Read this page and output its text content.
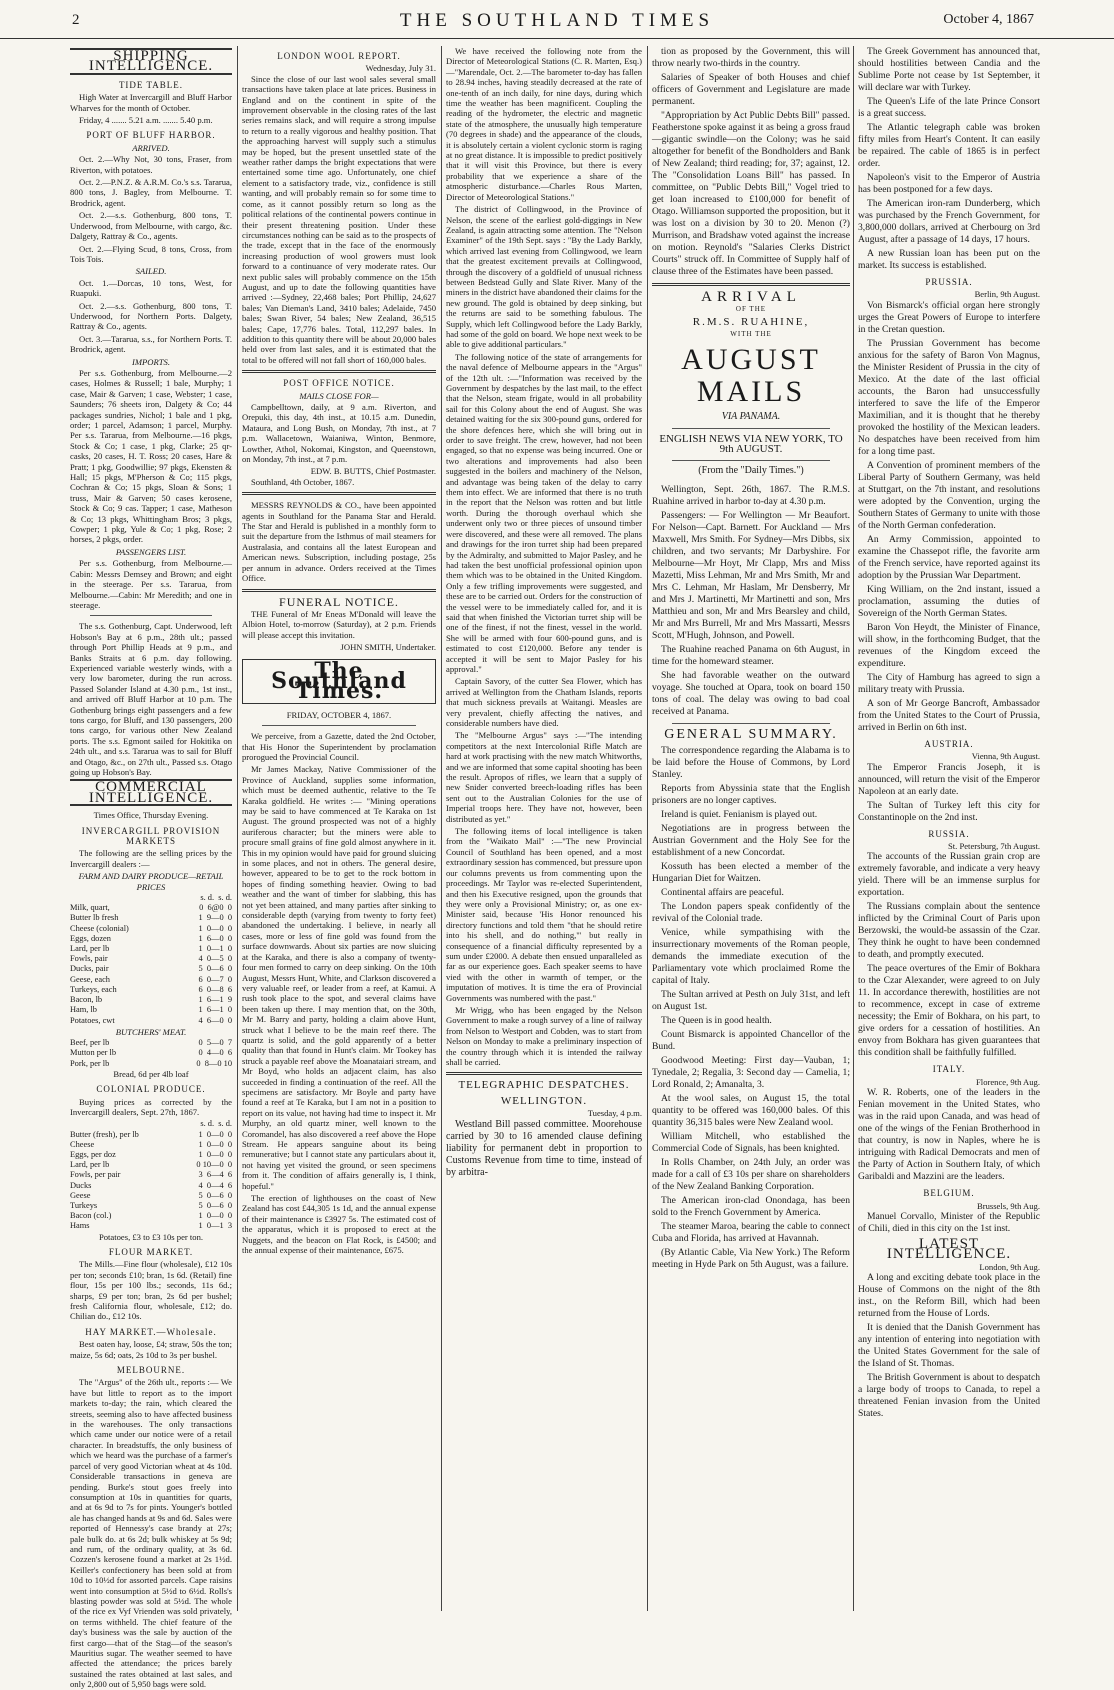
2	THE SOUTHLAND TIMES	October 4, 1867
SHIPPING INTELLIGENCE.
TIDE TABLE.

High Water at Invercargill and Bluff Harbor Wharves for the month of October.

Friday, 4 ....... 5.21 a.m. ....... 5.40 p.m.

PORT OF BLUFF HARBOR.
ARRIVED.

Oct. 2.—Why Not, 30 tons, Fraser, from Riverton, with potatoes.

Oct. 2.—P.N.Z. & A.R.M. Co.'s s.s. Tararua, 800 tons, J. Bagley, from Melbourne. T. Brodrick, agent.

Oct. 2.—s.s. Gothenburg, 800 tons, T. Underwood, from Melbourne, with cargo, &c. Dalgety, Rattray & Co., agents.

Oct. 2.—Flying Scud, 8 tons, Cross, from Tois Tois.

SAILED.

Oct. 1.—Dorcas, 10 tons, West, for Ruapuki.

Oct. 2.—s.s. Gothenburg, 800 tons, T. Underwood, for Northern Ports. Dalgety, Rattray & Co., agents.

Oct. 3.—Tararua, s.s., for Northern Ports. T. Brodrick, agent.

IMPORTS.

Per s.s. Gothenburg, from Melbourne.—2 cases, Holmes & Russell; 1 bale, Murphy; 1 case, Mair & Garven; 1 case, Webster; 1 case, Saunders; 76 sheets iron, Dalgety & Co; 44 packages sundries, Nichol; 1 bale and 1 pkg, order; 1 parcel, Adamson; 1 parcel, Murphy. Per s.s. Tararua, from Melbourne.—16 pkgs, Stock & Co; 1 case, 1 pkg, Clarke; 25 qr-casks, 20 cases, H. T. Ross; 20 cases, Hare & Pratt; 1 pkg, Goodwillie; 97 pkgs, Ekensten & Hall; 15 pkgs, M'Pherson & Co; 115 pkgs, Cochran & Co; 15 pkgs, Sloan & Sons; 1 truss, Mair & Garven; 50 cases kerosene, Stock & Co; 9 cas. Tapper; 1 case, Matheson & Co; 13 pkgs, Whittingham Bros; 3 pkgs, Cowper; 1 pkg, Yule & Co; 1 pkg, Rose; 2 horses, 2 pkgs, order.

PASSENGERS LIST.

Per s.s. Gothenburg, from Melbourne.—Cabin: Messrs Demsey and Brown; and eight in the steerage. Per s.s. Tararua, from Melbourne.—Cabin: Mr Meredith; and one in steerage.

The s.s. Gothenburg, Capt. Underwood, left Hobson's Bay at 6 p.m., 28th ult.; passed through Port Phillip Heads at 9 p.m., and Banks Straits at 6 p.m. day following. Experienced variable westerly winds, with a very low barometer, during the run across. Passed Solander Island at 4.30 p.m., 1st inst., and arrived off Bluff Harbor at 10 p.m. The Gothenburg brings eight passengers and a few tons cargo, for Bluff, and 130 passengers, 200 tons cargo, for various other New Zealand ports. The s.s. Egmont sailed for Hokitika on 24th ult., and s.s. Tararua was to sail for Bluff and Otago, &c., on 27th ult., Passed s.s. Otago going up Hobson's Bay.

COMMERCIAL INTELLIGENCE.
Times Office, Thursday Evening.
INVERCARGILL PROVISION MARKETS

The following are the selling prices by the Invercargill dealers :—

FARM AND DAIRY PRODUCE—RETAIL PRICES
	s. d.  s. d.
Milk, quart,	0  6@0  0
Butter lb fresh	1  9—0  0
Cheese (colonial)	1  0—0  0
Eggs, dozen	1  6—0  0
Lard, per lb	1  0—1  0
Fowls, pair	4  0—5  0
Ducks, pair	5  0—6  0
Geese, each	6  0—7  0
Turkeys, each	6  0—8  6
Bacon, lb	1  6—1  9
Ham, lb	1  6—1  0
Potatoes, cwt	4  6—0  0
BUTCHERS' MEAT.
Beef, per lb	0  5—0  7
Mutton per lb	0  4—0  6
Pork, per lb	0  8—0 10
Bread, 6d per 4lb loaf
COLONIAL PRODUCE.

Buying prices as corrected by the Invercargill dealers, Sept. 27th, 1867.

	s. d.  s. d.
Butter (fresh), per lb	1  0—0  0
Cheese	1  0—0  0
Eggs, per doz	1  0—0  0
Lard, per lb	0 10—0  0
Fowls, per pair	3  6—4  6
Ducks	4  0—4  6
Geese	5  0—6  0
Turkeys	5  0—6  0
Bacon (col.)	1  0—0  0
Hams	1  0—1  3
Potatoes, £3 to £3 10s per ton.
FLOUR MARKET.

The Mills.—Fine flour (wholesale), £12 10s per ton; seconds £10; bran, 1s 6d. (Retail) fine flour, 15s per 100 lbs.; seconds, 11s 6d.; sharps, £9 per ton; bran, 2s 6d per bushel; fresh California flour, wholesale, £12; do. Chilian do., £12 10s.

HAY MARKET.—Wholesale.

Best oaten hay, loose, £4; straw, 50s the ton; maize, 5s 6d; oats, 2s 10d to 3s per bushel.

MELBOURNE.

The "Argus" of the 26th ult., reports :— We have but little to report as to the import markets to-day; the rain, which cleared the streets, seeming also to have affected business in the warehouses. The only transactions which came under our notice were of a retail character. In breadstuffs, the only business of which we heard was the purchase of a farmer's parcel of very good Victorian wheat at 4s 10d. Considerable transactions in geneva are pending. Burke's stout goes freely into consumption at 10s in quantities for quarts, and at 6s 9d to 7s for pints. Younger's bottled ale has changed hands at 9s and 6d. Sales were reported of Hennessy's case brandy at 27s; pale bulk do. at 6s 2d; bulk whiskey at 5s 9d; and rum, of the ordinary quality, at 3s 6d. Cozzen's kerosene found a market at 2s 1½d. Keiller's confectionery has been sold at from 10d to 10½d for assorted parcels. Cape raisins went into consumption at 5½d to 6½d. Rolls's blasting powder was sold at 5½d. The whole of the rice ex Vyf Vrienden was sold privately, on terms withheld. The chief feature of the day's business was the sale by auction of the first cargo—that of the Stag—of the season's Mauritius sugar. The weather seemed to have affected the attendance; the prices barely sustained the rates obtained at last sales, and only 2,800 out of 5,950 bags were sold.

LONDON WOOL REPORT.
Wednesday, July 31.

Since the close of our last wool sales several small transactions have taken place at late prices. Business in England and on the continent in spite of the improvement observable in the closing rates of the last series remains slack, and will require a strong impulse to return to a really vigorous and healthy position. That the approaching harvest will supply such a stimulus may be hoped, but the present unsettled state of the weather rather damps the bright expectations that were entertained some time ago. Unfortunately, one chief element to a satisfactory trade, viz., confidence is still wanting, and will probably remain so for some time to come, as it cannot possibly return so long as the political relations of the continental powers continue in their present threatening position. Under these circumstances nothing can be said as to the prospects of the trade, except that in the face of the enormously increasing production of wool growers must look forward to a continuance of very moderate rates. Our next public sales will probably commence on the 15th August, and up to date the following quantities have arrived :—Sydney, 22,468 bales; Port Phillip, 24,627 bales; Van Dieman's Land, 3410 bales; Adelaide, 7450 bales; Swan River, 54 bales; New Zealand, 36,515 bales; Cape, 17,776 bales. Total, 112,297 bales. In addition to this quantity there will be about 20,000 bales held over from last sales, and it is estimated that the total to be offered will not fall short of 160,000 bales.

POST OFFICE NOTICE.
MAILS CLOSE FOR—

Campbelltown, daily, at 9 a.m. Riverton, and Orepuki, this day, 4th inst., at 10.15 a.m. Dunedin, Mataura, and Long Bush, on Monday, 7th inst., at 7 p.m. Wallacetown, Waianiwa, Winton, Benmore, Lowther, Athol, Nokomai, Kingston, and Queenstown, on Monday, 7th inst., at 7 p.m.

EDW. B. BUTTS, Chief Postmaster.

Southland, 4th October, 1867.

MESSRS REYNOLDS & CO., have been appointed agents in Southland for the Panama Star and Herald. The Star and Herald is published in a monthly form to suit the departure from the Isthmus of mail steamers for Australasia, and contains all the latest European and American news. Subscription, including postage, 25s per annum in advance. Orders received at the Times Office.

FUNERAL NOTICE.

THE Funeral of Mr Eneas M'Donald will leave the Albion Hotel, to-morrow (Saturday), at 2 p.m. Friends will please accept this invitation.

JOHN SMITH, Undertaker.
The Southland Times.
FRIDAY, OCTOBER 4, 1867.

We perceive, from a Gazette, dated the 2nd October, that His Honor the Superintendent by proclamation prorogued the Provincial Council.

Mr James Mackay, Native Commissioner of the Province of Auckland, supplies some information, which must be deemed authentic, relative to the Te Karaka goldfield. He writes :— "Mining operations may be said to have commenced at Te Karaka on 1st August. The ground prospected was not of a highly auriferous character; but the miners were able to procure small grains of fine gold almost anywhere in it. This in my opinion would have paid for ground sluicing in some places, and not in others. The general desire, however, appeared to be to get to the rock bottom in hopes of finding something heavier. Owing to bad weather and the want of timber for slabbing, this has not yet been attained, and many parties after sinking to considerable depth (varying from twenty to forty feet) abandoned the undertaking. I believe, in nearly all cases, more or less of fine gold was found from the surface downwards. About six parties are now sluicing at the Karaka, and there is also a company of twenty-four men formed to carry on deep sinking. On the 10th August, Messrs Hunt, White, and Clarkson discovered a very valuable reef, or leader from a reef, at Kamui. A rush took place to the spot, and several claims have been taken up there. I may mention that, on the 30th, Mr M. Barry and party, holding a claim above Hunt, struck what I believe to be the main reef there. The quartz is solid, and the gold apparently of a better quality than that found in Hunt's claim. Mr Tookey has struck a payable reef above the Moanataiari stream, and Mr Boyd, who holds an adjacent claim, has also succeeded in finding a continuation of the reef. All the specimens are satisfactory. Mr Boyle and party have found a reef at Te Karaka, but I am not in a position to report on its value, not having had time to inspect it. Mr Murphy, an old quartz miner, well known to the Coromandel, has also discovered a reef above the Hope Stream. He appears sanguine about its being remunerative; but I cannot state any particulars about it, not having yet visited the ground, or seen specimens from it. The condition of affairs generally is, I think, hopeful."

The erection of lighthouses on the coast of New Zealand has cost £44,305 1s 1d, and the annual expense of their maintenance is £3927 5s. The estimated cost of the apparatus, which it is proposed to erect at the Nuggets, and the beacon on Flat Rock, is £4500; and the annual expense of their maintenance, £675.

We have received the following note from the Director of Meteorological Stations (C. R. Marten, Esq.)—"Marendale, Oct. 2.—The barometer to-day has fallen to 28.94 inches, having steadily decreased at the rate of one-tenth of an inch daily, for nine days, during which time the weather has been magnificent. Coupling the reading of the hydrometer, the electric and magnetic state of the atmosphere, the unusually high temperature (70 degrees in shade) and the appearance of the clouds, it is absolutely certain a violent cyclonic storm is raging at no great distance. It is impossible to predict positively that it will visit this Province, but there is every probability that we experience a share of the atmospheric disturbance.—Charles Rous Marten, Director of Meteorological Stations."

The district of Collingwood, in the Province of Nelson, the scene of the earliest gold-diggings in New Zealand, is again attracting some attention. The "Nelson Examiner" of the 19th Sept. says : "By the Lady Barkly, which arrived last evening from Collingwood, we learn that the greatest excitement prevails at Collingwood, through the discovery of a goldfield of unusual richness between Bedstead Gully and Slate River. Many of the miners in the district have abandoned their claims for the new ground. The gold is obtained by deep sinking, but the returns are said to be something fabulous. The Supply, which left Collingwood before the Lady Barkly, had some of the gold on board. We hope next week to be able to give additional particulars."

The following notice of the state of arrangements for the naval defence of Melbourne appears in the "Argus" of the 12th ult. :—"Information was received by the Government by despatches by the last mail, to the effect that the Nelson, steam frigate, would in all probability sail for this Colony about the end of August. She was detained waiting for the six 300-pound guns, ordered for the shore defences here, which she will bring out in order to save freight. The crew, however, had not been engaged, so that no expense was being incurred. One or two alterations and improvements had also been suggested in the boilers and machinery of the Nelson, and advantage was being taken of the delay to carry them into effect. We are informed that there is no truth in the report that the Nelson was rotten and but little worth. During the thorough overhaul which she underwent only two or three pieces of unsound timber were discovered, and these were all removed. The plans and drawings for the iron turret ship had been prepared by the Admiralty, and submitted to Major Pasley, and he had taken the best unofficial professional opinion upon them which was to be obtained in the United Kingdom. Only a few trifling improvements were suggested, and these are to be carried out. Orders for the construction of the vessel were to be immediately called for, and it is said that when finished the Victorian turret ship will be one of the finest, if not the finest, vessel in the world. She will be armed with four 600-pound guns, and is estimated to cost £120,000. Before any tender is accepted it will be sent to Major Pasley for his approval."

Captain Savory, of the cutter Sea Flower, which has arrived at Wellington from the Chatham Islands, reports that much sickness prevails at Waitangi. Measles are very prevalent, chiefly affecting the natives, and considerable numbers have died.

The "Melbourne Argus" says :—"The intending competitors at the next Intercolonial Rifle Match are hard at work practising with the new match Whitworths, and we are informed that some capital shooting has been the result. Apropos of rifles, we learn that a supply of new Snider converted breech-loading rifles has been sent out to the Australian Colonies for the use of Imperial troops here. They have not, however, been distributed as yet."

The following items of local intelligence is taken from the "Waikato Mail" :—"The new Provincial Council of Southland has been opened, and a most extraordinary session has commenced, but pressure upon our columns prevents us from commenting upon the proceedings. Mr Taylor was re-elected Superintendent, and then his Executive resigned, upon the grounds that they were only a Provisional Ministry; or, as one ex-Minister said, because 'His Honor renounced his directory functions and told them "that he should retire into his shell, and do nothing,"' but really in consequence of a financial difficulty represented by a sum under £2000. A debate then ensued unparalleled as far as our experience goes. Each speaker seems to have vied with the other in warmth of temper, or the imputation of motives. It is time the era of Provincial Governments was numbered with the past."

Mr Wrigg, who has been engaged by the Nelson Government to make a rough survey of a line of railway from Nelson to Westport and Cobden, was to start from Nelson on Monday to make a preliminary inspection of the country through which it is intended the railway shall be carried.

TELEGRAPHIC DESPATCHES.
WELLINGTON.
Tuesday, 4 p.m.

Westland Bill passed committee. Moorehouse carried by 30 to 16 amended clause defining liability for permanent debt in proportion to Customs Revenue from time to time, instead of by arbitra-

tion as proposed by the Government, this will throw nearly two-thirds in the country.

Salaries of Speaker of both Houses and chief officers of Government and Legislature are made permanent.

"Appropriation by Act Public Debts Bill" passed. Featherstone spoke against it as being a gross fraud—gigantic swindle—on the Colony; was he said altogether for benefit of the Bondholders and Bank of New Zealand; third reading; for, 37; against, 12. The "Consolidation Loans Bill" has passed. In committee, on "Public Debts Bill," Vogel tried to get loan increased to £100,000 for benefit of Otago. Williamson supported the proposition, but it was lost on a division by 30 to 20. Menon (?) Murrison, and Bradshaw voted against the increase on motion. Reynold's "Salaries Clerks District Courts" struck off. In Committee of Supply half of clause three of the Estimates have been passed.

ARRIVAL
OF THE
R.M.S. RUAHINE,
WITH THE
AUGUST MAILS
VIA PANAMA.
ENGLISH NEWS VIA NEW YORK, TO 9th AUGUST.
(From the "Daily Times.")

Wellington, Sept. 26th, 1867. The R.M.S. Ruahine arrived in harbor to-day at 4.30 p.m.

Passengers: — For Wellington — Mr Beaufort. For Nelson—Capt. Barnett. For Auckland — Mrs Maxwell, Mrs Smith. For Sydney—Mrs Dibbs, six children, and two servants; Mr Darbyshire. For Melbourne—Mr Hoyt, Mr Clapp, Mrs and Miss Mazetti, Miss Lehman, Mr and Mrs Smith, Mr and Mrs C. Lehman, Mr Haslam, Mr Densberry, Mr and Mrs J. Martinetti, Mr Martinetti and son, Mrs Matthieu and son, Mr and Mrs Bearsley and child, Mr and Mrs Burrell, Mr and Mrs Massarti, Messrs Scott, M'Hugh, Johnson, and Powell.

The Ruahine reached Panama on 6th August, in time for the homeward steamer.

She had favorable weather on the outward voyage. She touched at Opara, took on board 150 tons of coal. The delay was owing to bad coal received at Panama.

GENERAL SUMMARY.

The correspondence regarding the Alabama is to be laid before the House of Commons, by Lord Stanley.

Reports from Abyssinia state that the English prisoners are no longer captives.

Ireland is quiet. Fenianism is played out.

Negotiations are in progress between the Austrian Government and the Holy See for the establishment of a new Concordat.

Kossuth has been elected a member of the Hungarian Diet for Waitzen.

Continental affairs are peaceful.

The London papers speak confidently of the revival of the Colonial trade.

Venice, while sympathising with the insurrectionary movements of the Roman people, demands the immediate execution of the Parliamentary vote which proclaimed Rome the capital of Italy.

The Sultan arrived at Pesth on July 31st, and left on August 1st.

The Queen is in good health.

Count Bismarck is appointed Chancellor of the Bund.

Goodwood Meeting: First day—Vauban, 1; Tynedale, 2; Regalia, 3: Second day — Camelia, 1; Lord Ronald, 2; Amanalta, 3.

At the wool sales, on August 15, the total quantity to be offered was 160,000 bales. Of this quantity 36,315 bales were New Zealand wool.

William Mitchell, who established the Commercial Code of Signals, has been knighted.

In Rolls Chamber, on 24th July, an order was made for a call of £3 10s per share on shareholders of the New Zealand Banking Corporation.

The American iron-clad Onondaga, has been sold to the French Government by America.

The steamer Maroa, bearing the cable to connect Cuba and Florida, has arrived at Havannah.

(By Atlantic Cable, Via New York.) The Reform meeting in Hyde Park on 5th August, was a failure.

The Greek Government has announced that, should hostilities between Candia and the Sublime Porte not cease by 1st September, it will declare war with Turkey.

The Queen's Life of the late Prince Consort is a great success.

The Atlantic telegraph cable was broken fifty miles from Heart's Content. It can easily be repaired. The cable of 1865 is in perfect order.

Napoleon's visit to the Emperor of Austria has been postponed for a few days.

The American iron-ram Dunderberg, which was purchased by the French Government, for 3,800,000 dollars, arrived at Cherbourg on 3rd August, after a passage of 14 days, 17 hours.

A new Russian loan has been put on the market. Its success is established.

PRUSSIA.
Berlin, 9th August.

Von Bismarck's official organ here strongly urges the Great Powers of Europe to interfere in the Cretan question.

The Prussian Government has become anxious for the safety of Baron Von Magnus, the Minister Resident of Prussia in the city of Mexico. At the date of the last official accounts, the Baron had unsuccessfully interfered to save the life of the Emperor Maximilian, and it is thought that he thereby provoked the hostility of the Mexican leaders. No despatches have been received from him for a long time past.

A Convention of prominent members of the Liberal Party of Southern Germany, was held at Stuttgart, on the 7th instant, and resolutions were adopted by the Convention, urging the Southern States of Germany to unite with those of the North German confederation.

An Army Commission, appointed to examine the Chassepot rifle, the favorite arm of the French service, have reported against its adoption by the Prussian War Department.

King William, on the 2nd instant, issued a proclamation, assuming the duties of Sovereign of the North German States.

Baron Von Heydt, the Minister of Finance, will show, in the forthcoming Budget, that the revenues of the Kingdom exceed the expenditure.

The City of Hamburg has agreed to sign a military treaty with Prussia.

A son of Mr George Bancroft, Ambassador from the United States to the Court of Prussia, arrived in Berlin on 6th inst.

AUSTRIA.
Vienna, 9th August.

The Emperor Francis Joseph, it is announced, will return the visit of the Emperor Napoleon at an early date.

The Sultan of Turkey left this city for Constantinople on the 2nd inst.

RUSSIA.
St. Petersburg, 7th August.

The accounts of the Russian grain crop are extremely favorable, and indicate a very heavy yield. There will be an immense surplus for exportation.

The Russians complain about the sentence inflicted by the Criminal Court of Paris upon Berzowski, the would-be assassin of the Czar. They think he ought to have been condemned to death, and promptly executed.

The peace overtures of the Emir of Bokhara to the Czar Alexander, were agreed to on July 11. In accordance therewith, hostilities are not to recommence, except in case of extreme necessity; the Emir of Bokhara, on his part, to give orders for a cessation of hostilities. An envoy from Bokhara has given guarantees that this condition shall be faithfully fulfilled.

ITALY.
Florence, 9th Aug.

W. R. Roberts, one of the leaders in the Fenian movement in the United States, who was in the raid upon Canada, and was head of one of the wings of the Fenian Brotherhood in that country, is now in Naples, where he is intriguing with Radical Democrats and men of the Party of Action in Southern Italy, of which Garibaldi and Mazzini are the leaders.

BELGIUM.
Brussels, 9th Aug.

Manuel Corvallo, Minister of the Republic of Chili, died in this city on the 1st inst.

LATEST INTELLIGENCE.
London, 9th Aug.

A long and exciting debate took place in the House of Commons on the night of the 8th inst., on the Reform Bill, which had been returned from the House of Lords.

It is denied that the Danish Government has any intention of entering into negotiation with the United States Government for the sale of the Island of St. Thomas.

The British Government is about to despatch a large body of troops to Canada, to repel a threatened Fenian invasion from the United States.
